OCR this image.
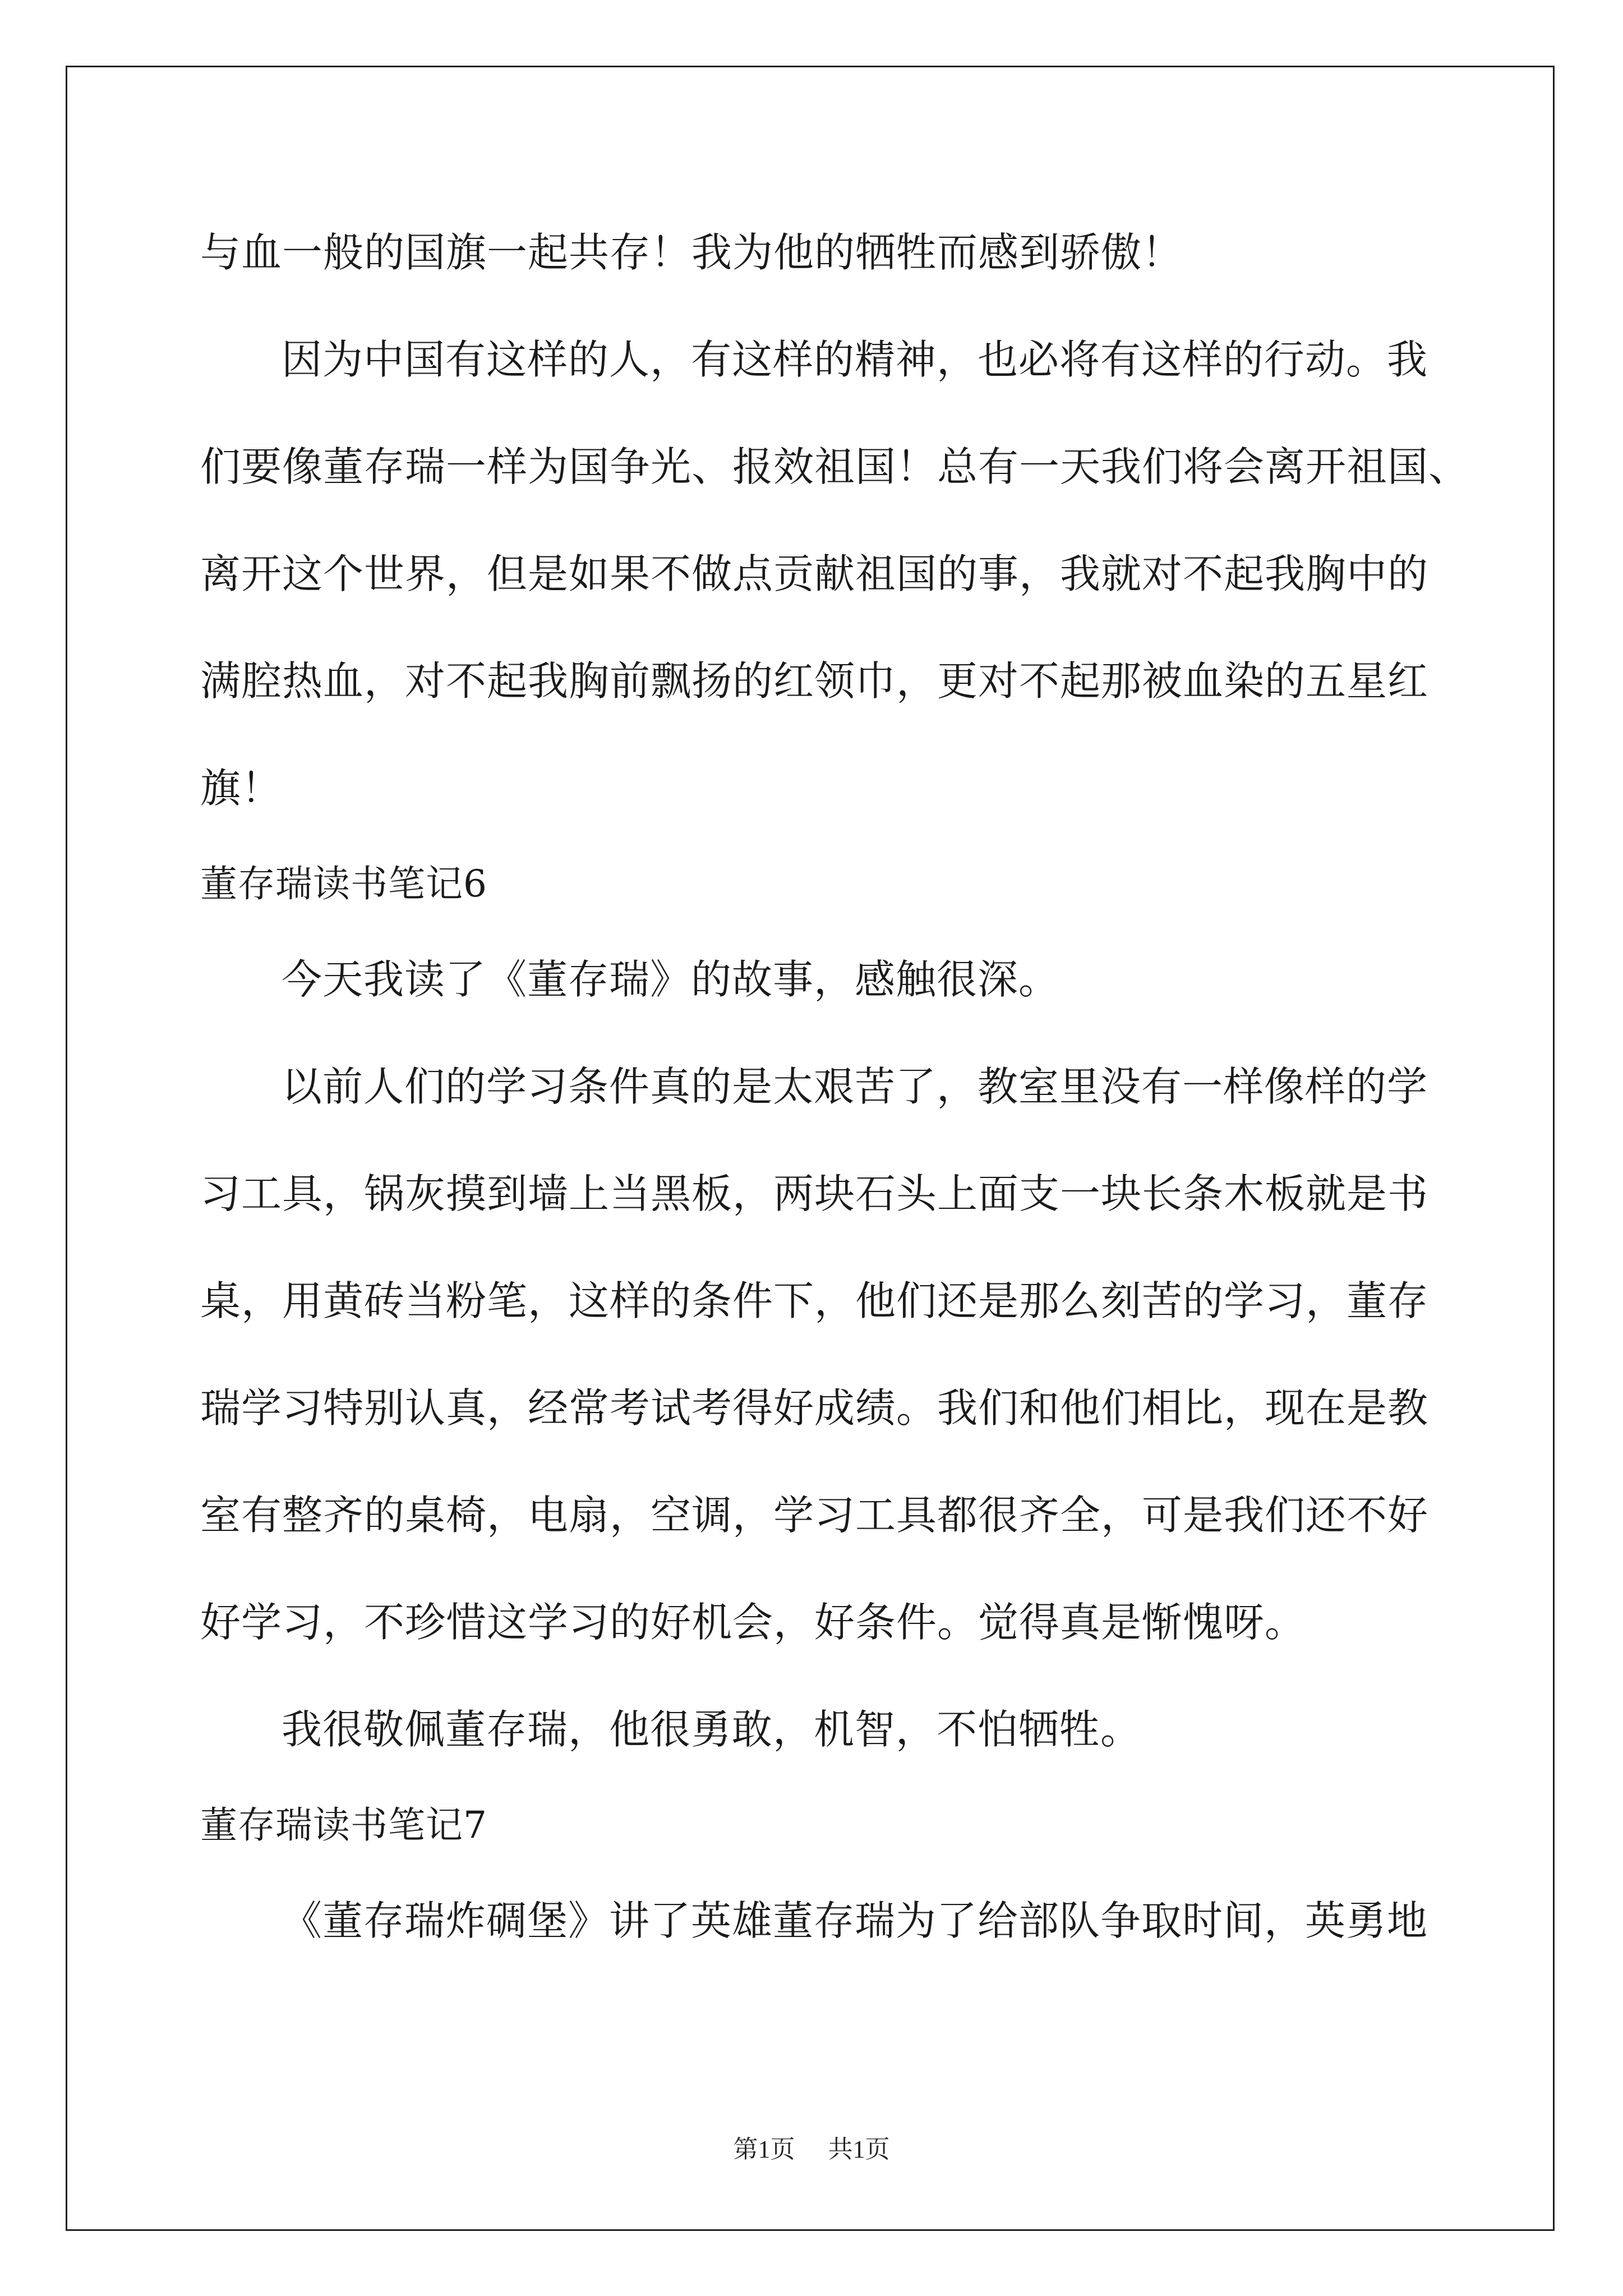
与血一般的国旗一起共存！我为他的牺牲而感到骄傲！
因为中国有这样的人，有这样的精神，也必将有这样的行动。我
们要像董存瑞一样为国争光、报效祖国！总有一天我们将会离开祖国、
离开这个世界，但是如果不做点贡献祖国的事，我就对不起我胸中的
满腔热血，对不起我胸前飘扬的红领巾，更对不起那被血染的五星红
旗！
董存瑞读书笔记6
今天我读了《董存瑞》的故事，感触很深。
以前人们的学习条件真的是太艰苦了，教室里没有一样像样的学
习工具，锅灰摸到墙上当黑板，两块石头上面支一块长条木板就是书
桌，用黄砖当粉笔，这样的条件下，他们还是那么刻苦的学习，董存
瑞学习特别认真，经常考试考得好成绩。我们和他们相比，现在是教
室有整齐的桌椅，电扇，空调，学习工具都很齐全，可是我们还不好
好学习，不珍惜这学习的好机会，好条件。觉得真是惭愧呀。
我很敬佩董存瑞，他很勇敢，机智，不怕牺牲。
董存瑞读书笔记7
《董存瑞炸碉堡》讲了英雄董存瑞为了给部队争取时间，英勇地
第1页 共1页
